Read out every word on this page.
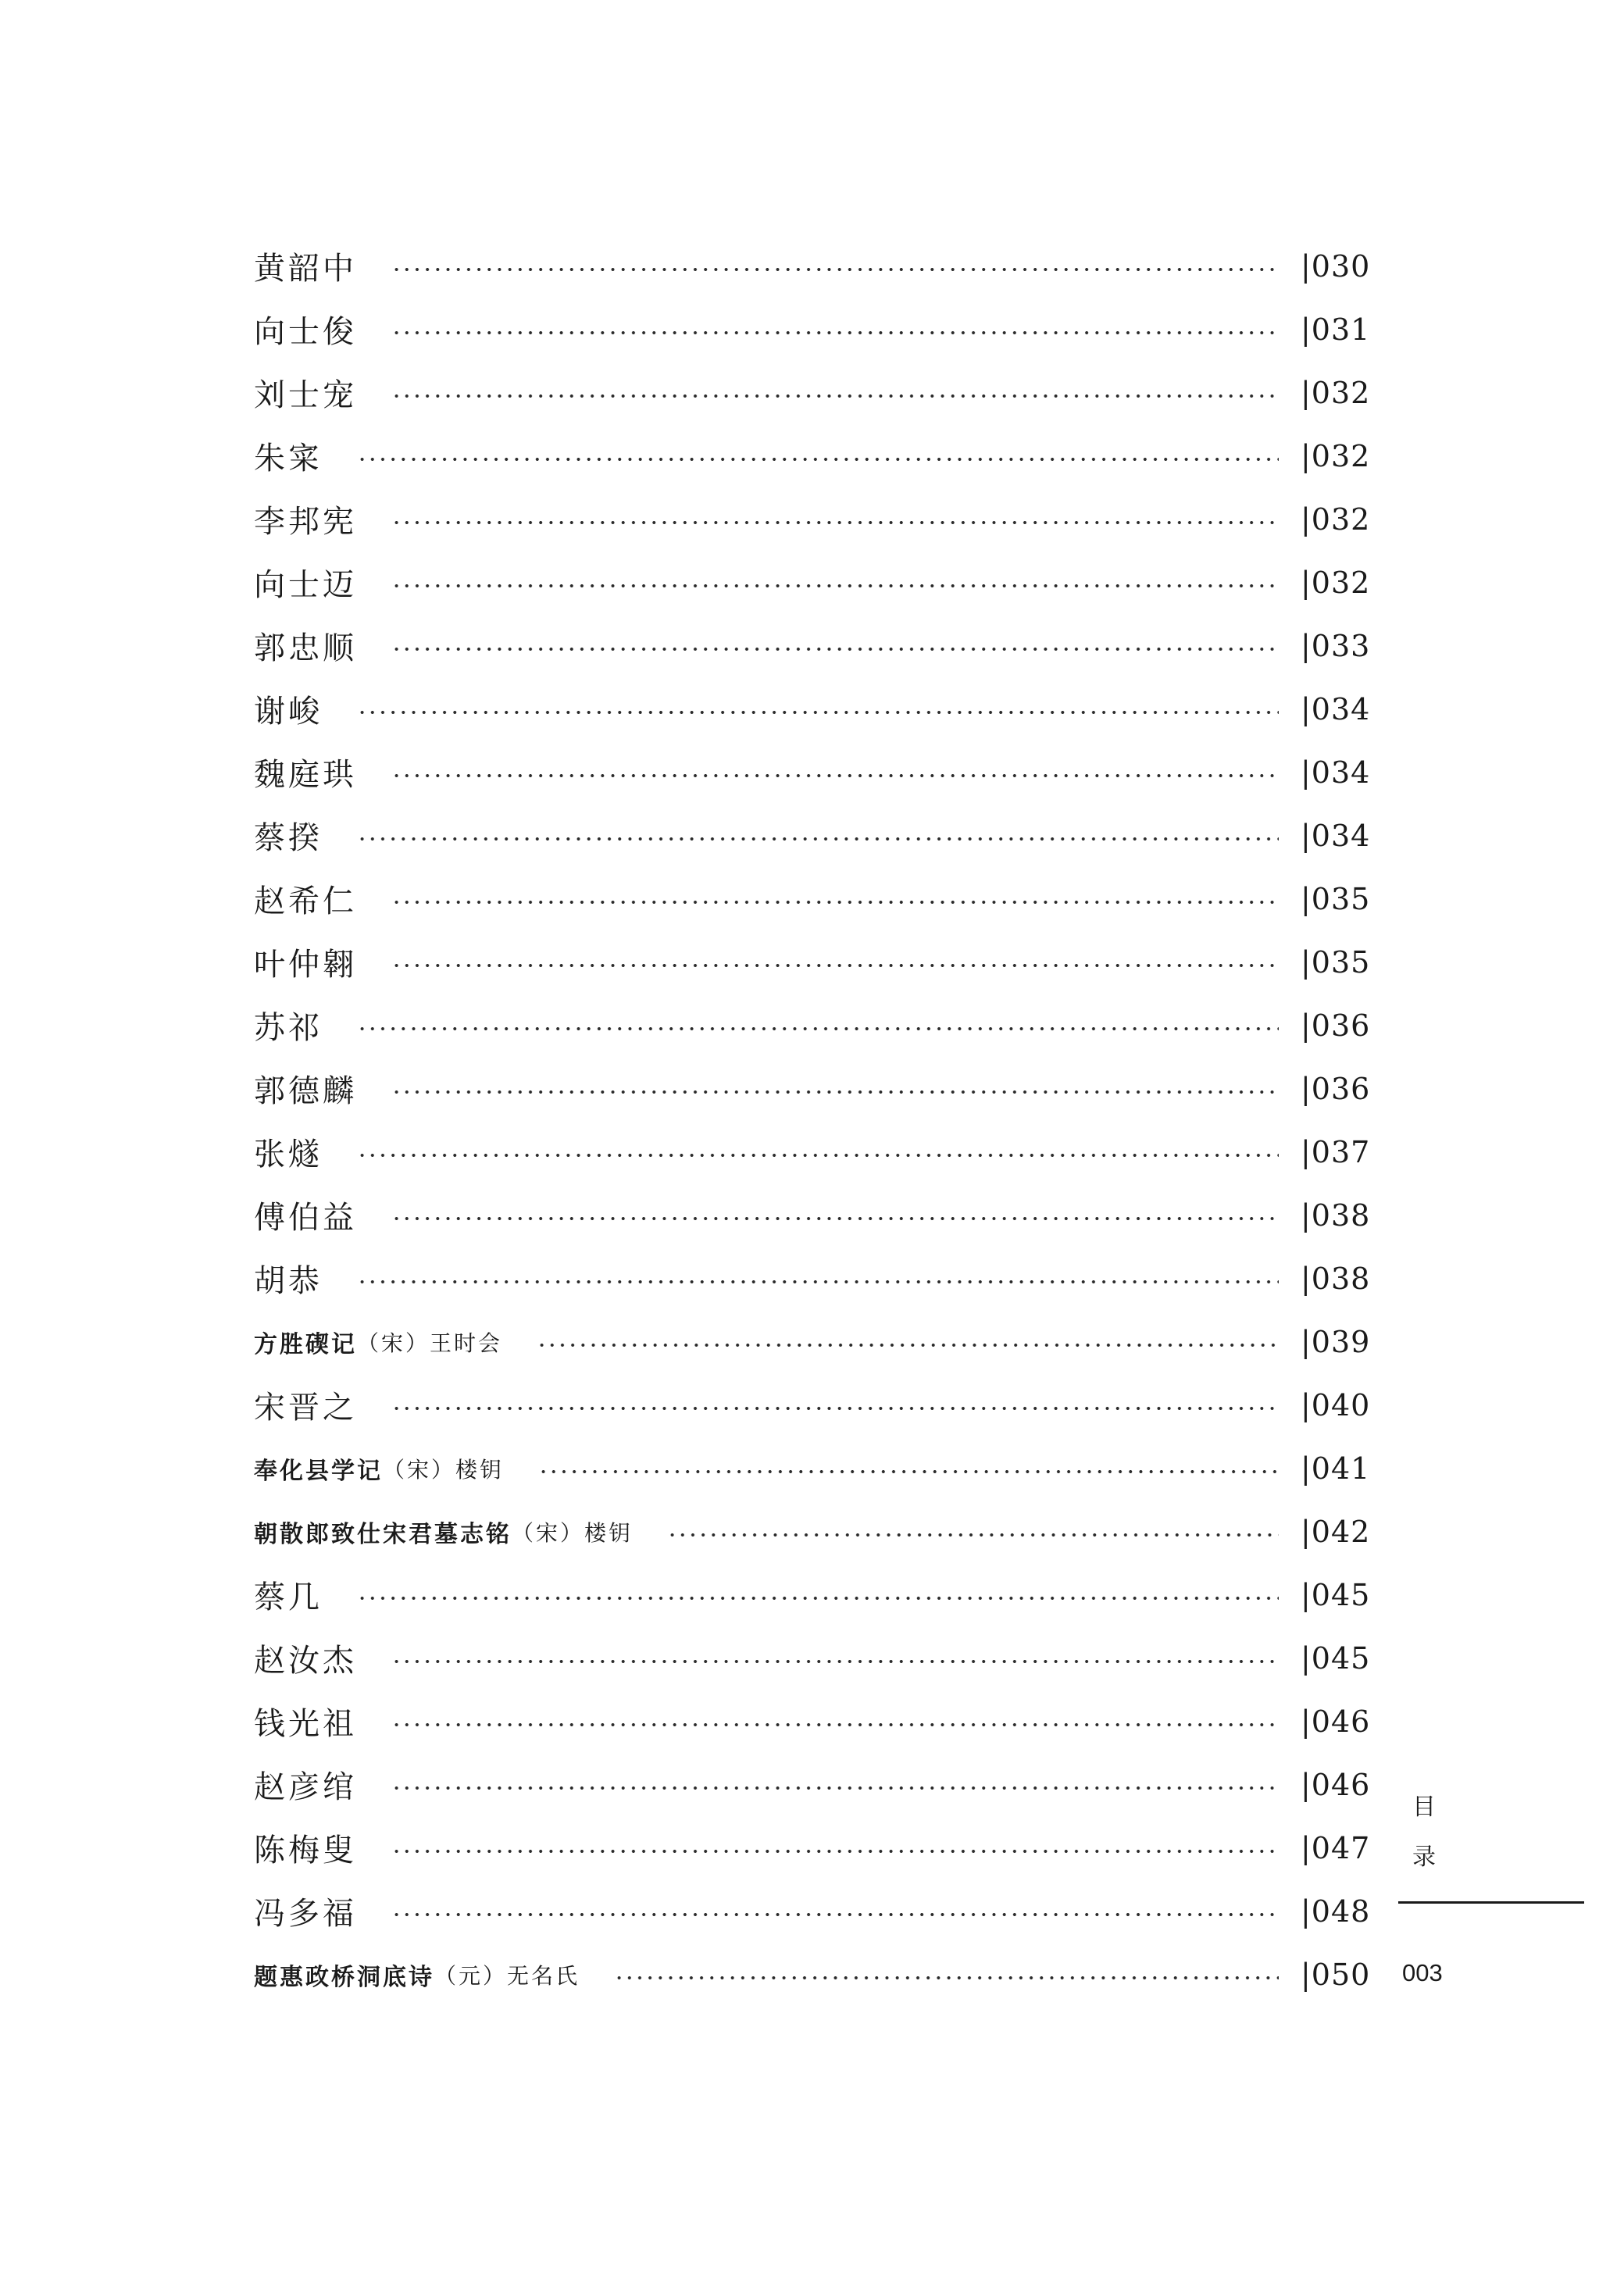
黄韶中	|030
向士俊	|031
刘士宠	|032
朱寀	|032
李邦宪	|032
向士迈	|032
郭忠顺	|033
谢峻	|034
魏庭珙	|034
蔡揆	|034
赵希仁	|035
叶仲翱	|035
苏祁	|036
郭德麟	|036
张燧	|037
傅伯益	|038
胡恭	|038
方胜碶记 （宋）王时会	|039
宋晋之	|040
奉化县学记 （宋）楼钥	|041
朝散郎致仕宋君墓志铭 （宋）楼钥	|042
蔡几	|045
赵汝杰	|045
钱光祖	|046
赵彦绾	|046
陈梅叟	|047
冯多福	|048
题惠政桥洞底诗 （元）无名氏	|050
目
录
003
